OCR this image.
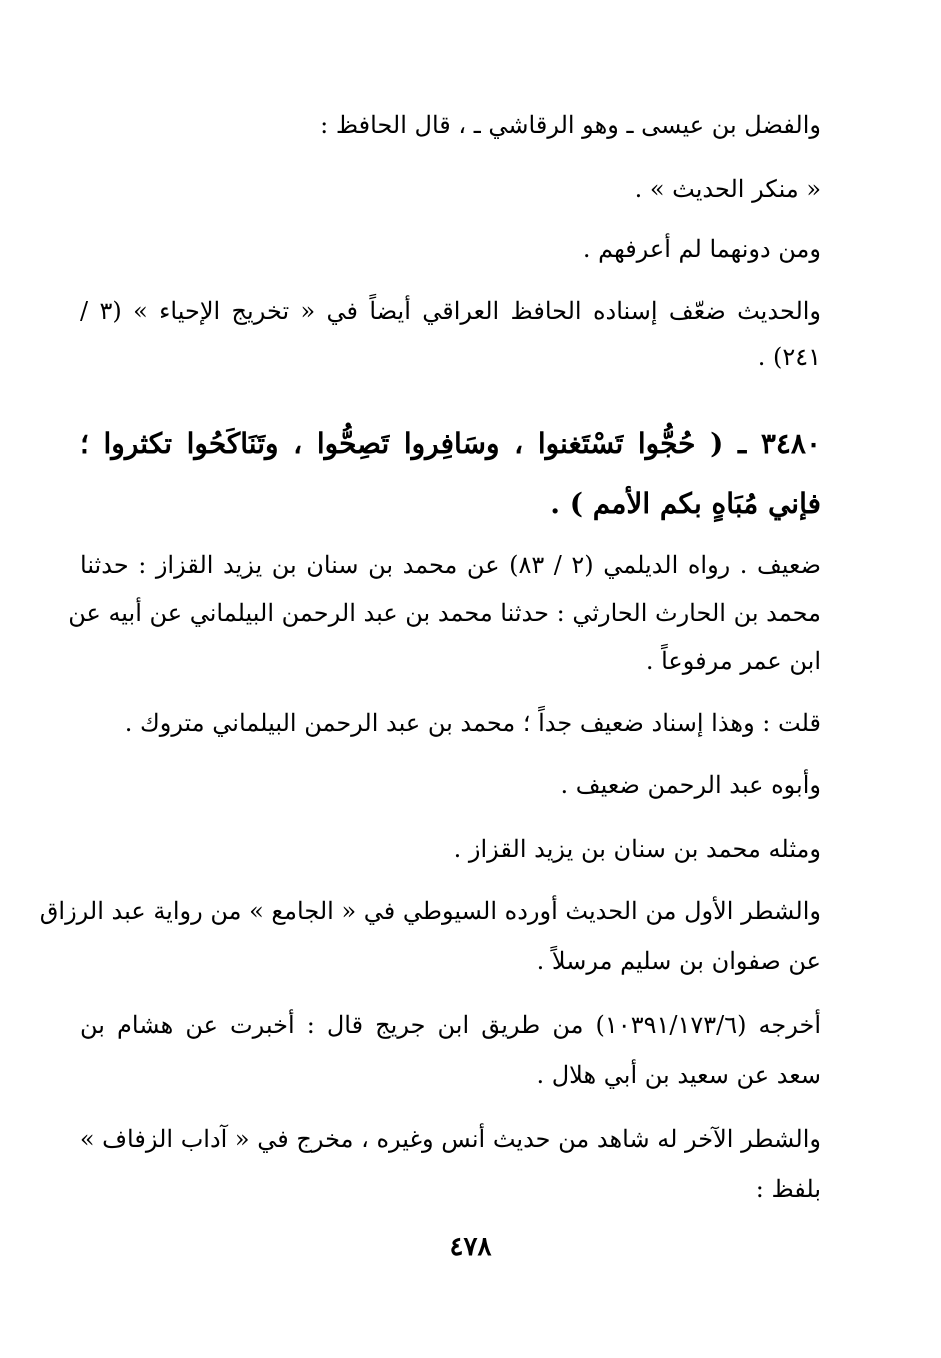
والفضل بن عيسى ـ وهو الرقاشي ـ ، قال الحافظ :
« منكر الحديث » .
ومن دونهما لم أعرفهم .
والحديث ضعّف إسناده الحافظ العراقي أيضاً في « تخريج الإحياء » (٣ /
٢٤١) .
٣٤٨٠ ـ ( حُجُّوا تَسْتَغنوا ، وسَافِروا تَصِحُّوا ، وتَنَاكَحُوا تكثروا ؛
فإني مُبَاهٍ بكم الأمم ) .
ضعيف . رواه الديلمي (٢ / ٨٣) عن محمد بن سنان بن يزيد القزاز : حدثنا
محمد بن الحارث الحارثي : حدثنا محمد بن عبد الرحمن البيلماني عن أبيه عن
ابن عمر مرفوعاً .
قلت : وهذا إسناد ضعيف جداً ؛ محمد بن عبد الرحمن البيلماني متروك .
وأبوه عبد الرحمن ضعيف .
ومثله محمد بن سنان بن يزيد القزاز .
والشطر الأول من الحديث أورده السيوطي في « الجامع » من رواية عبد الرزاق
عن صفوان بن سليم مرسلاً .
أخرجه (١٠٣٩١/١٧٣/٦) من طريق ابن جريج قال : أخبرت عن هشام بن
سعد عن سعيد بن أبي هلال .
والشطر الآخر له شاهد من حديث أنس وغيره ، مخرج في « آداب الزفاف »
بلفظ :
٤٧٨
